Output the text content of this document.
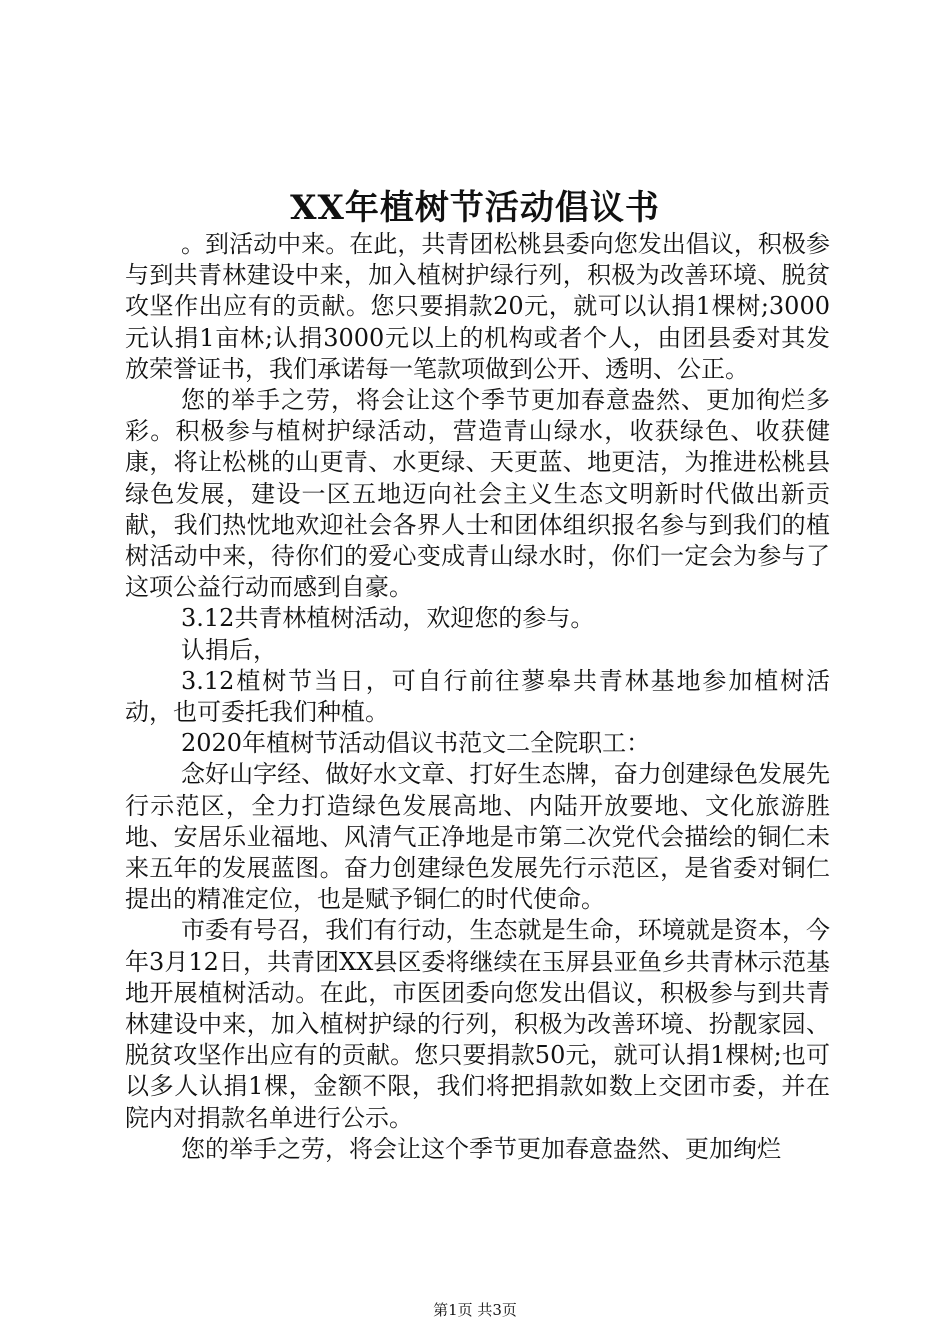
XX年植树节活动倡议书

。到活动中来。在此，共青团松桃县委向您发出倡议，积极参与到共青林建设中来，加入植树护绿行列，积极为改善环境、脱贫攻坚作出应有的贡献。您只要捐款20元，就可以认捐1棵树;3000元认捐1亩林;认捐3000元以上的机构或者个人，由团县委对其发放荣誉证书，我们承诺每一笔款项做到公开、透明、公正。

您的举手之劳，将会让这个季节更加春意盎然、更加徇烂多彩。积极参与植树护绿活动，营造青山绿水，收获绿色、收获健康，将让松桃的山更青、水更绿、天更蓝、地更洁，为推进松桃县绿色发展，建设一区五地迈向社会主义生态文明新时代做出新贡献，我们热忱地欢迎社会各界人士和团体组织报名参与到我们的植树活动中来，待你们的爱心变成青山绿水时，你们一定会为参与了这项公益行动而感到自豪。

3.12共青林植树活动，欢迎您的参与。

认捐后，

3.12植树节当日，可自行前往蓼皋共青林基地参加植树活动，也可委托我们种植。

2020年植树节活动倡议书范文二全院职工：

念好山字经、做好水文章、打好生态牌，奋力创建绿色发展先行示范区，全力打造绿色发展高地、内陆开放要地、文化旅游胜地、安居乐业福地、风清气正净地是市第二次党代会描绘的铜仁未来五年的发展蓝图。奋力创建绿色发展先行示范区，是省委对铜仁提出的精准定位，也是赋予铜仁的时代使命。

市委有号召，我们有行动，生态就是生命，环境就是资本，今年3月12日，共青团XX县区委将继续在玉屏县亚鱼乡共青林示范基地开展植树活动。在此，市医团委向您发出倡议，积极参与到共青林建设中来，加入植树护绿的行列，积极为改善环境、扮靓家园、脱贫攻坚作出应有的贡献。您只要捐款50元，就可认捐1棵树;也可以多人认捐1棵，金额不限，我们将把捐款如数上交团市委，并在院内对捐款名单进行公示。

您的举手之劳，将会让这个季节更加春意盎然、更加绚烂

第1页 共3页
